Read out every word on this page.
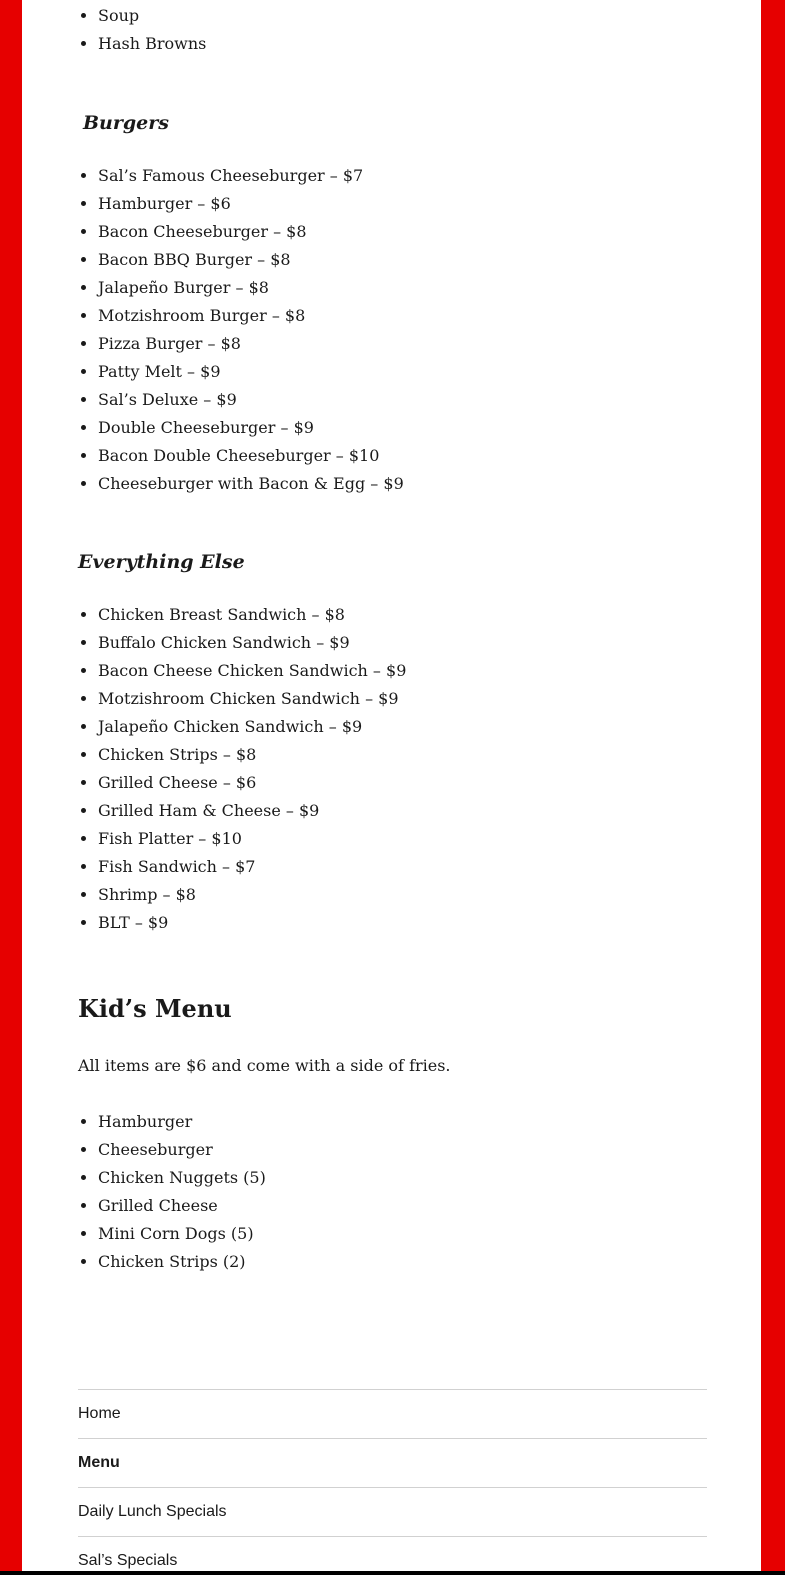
• Soup
• Hash Browns
Burgers
• Sal’s Famous Cheeseburger – $7
• Hamburger – $6
• Bacon Cheeseburger – $8
• Bacon BBQ Burger – $8
• Jalapeño Burger – $8
• Motzishroom Burger – $8
• Pizza Burger – $8
• Patty Melt – $9
• Sal’s Deluxe – $9
• Double Cheeseburger – $9
• Bacon Double Cheeseburger – $10
• Cheeseburger with Bacon & Egg – $9
Everything Else
• Chicken Breast Sandwich – $8
• Buffalo Chicken Sandwich – $9
• Bacon Cheese Chicken Sandwich – $9
• Motzishroom Chicken Sandwich – $9
• Jalapeño Chicken Sandwich – $9
• Chicken Strips – $8
• Grilled Cheese – $6
• Grilled Ham & Cheese – $9
• Fish Platter – $10
• Fish Sandwich – $7
• Shrimp – $8
• BLT – $9
Kid’s Menu

All items are $6 and come with a side of fries.

• Hamburger
• Cheeseburger
• Chicken Nuggets (5)
• Grilled Cheese
• Mini Corn Dogs (5)
• Chicken Strips (2)
Home
Menu
Daily Lunch Specials
Sal’s Specials
